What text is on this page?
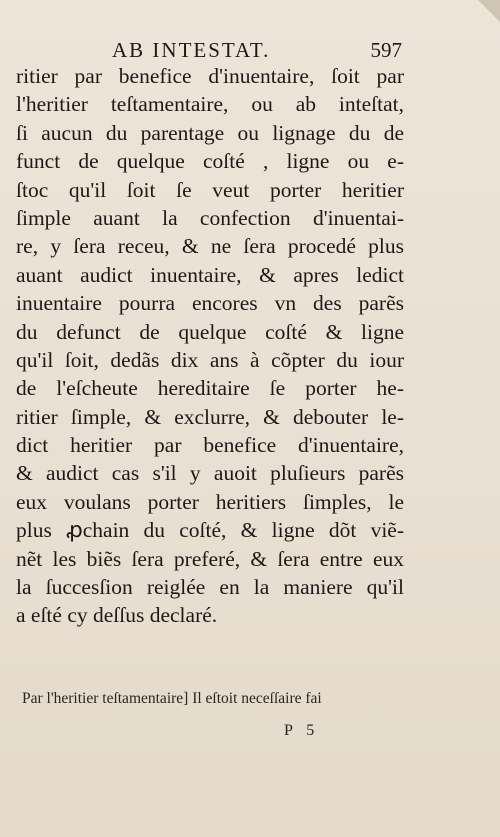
AB INTESTAT.	597
ritier par benefice d'inuentaire, ſoit par
l'heritier teſtamentaire, ou ab inteſtat,
ſi aucun du parentage ou lignage du de
funct de quelque coſté , ligne ou e-
ſtoc qu'il ſoit ſe veut porter heritier
ſimple auant la confection d'inuentai-
re, y ſera receu, & ne ſera procedé plus
auant audict inuentaire, & apres ledict
inuentaire pourra encores vn des parẽs
du defunct de quelque coſté & ligne
qu'il ſoit, dedãs dix ans à cõpter du iour
de l'eſcheute hereditaire ſe porter he-
ritier ſimple, & exclurre, & debouter le-
dict heritier par benefice d'inuentaire,
& audict cas s'il y auoit pluſieurs parẽs
eux voulans porter heritiers ſimples, le
plus ꝓchain du coſté, & ligne dõt viẽ-
nẽt les biẽs ſera preferé, & ſera entre eux
la ſuccesſion reiglée en la maniere qu'il
a eſté cy deſſus declaré.
Par l'heritier teſtamentaire] Il eſtoit neceſſaire fai
P 5
